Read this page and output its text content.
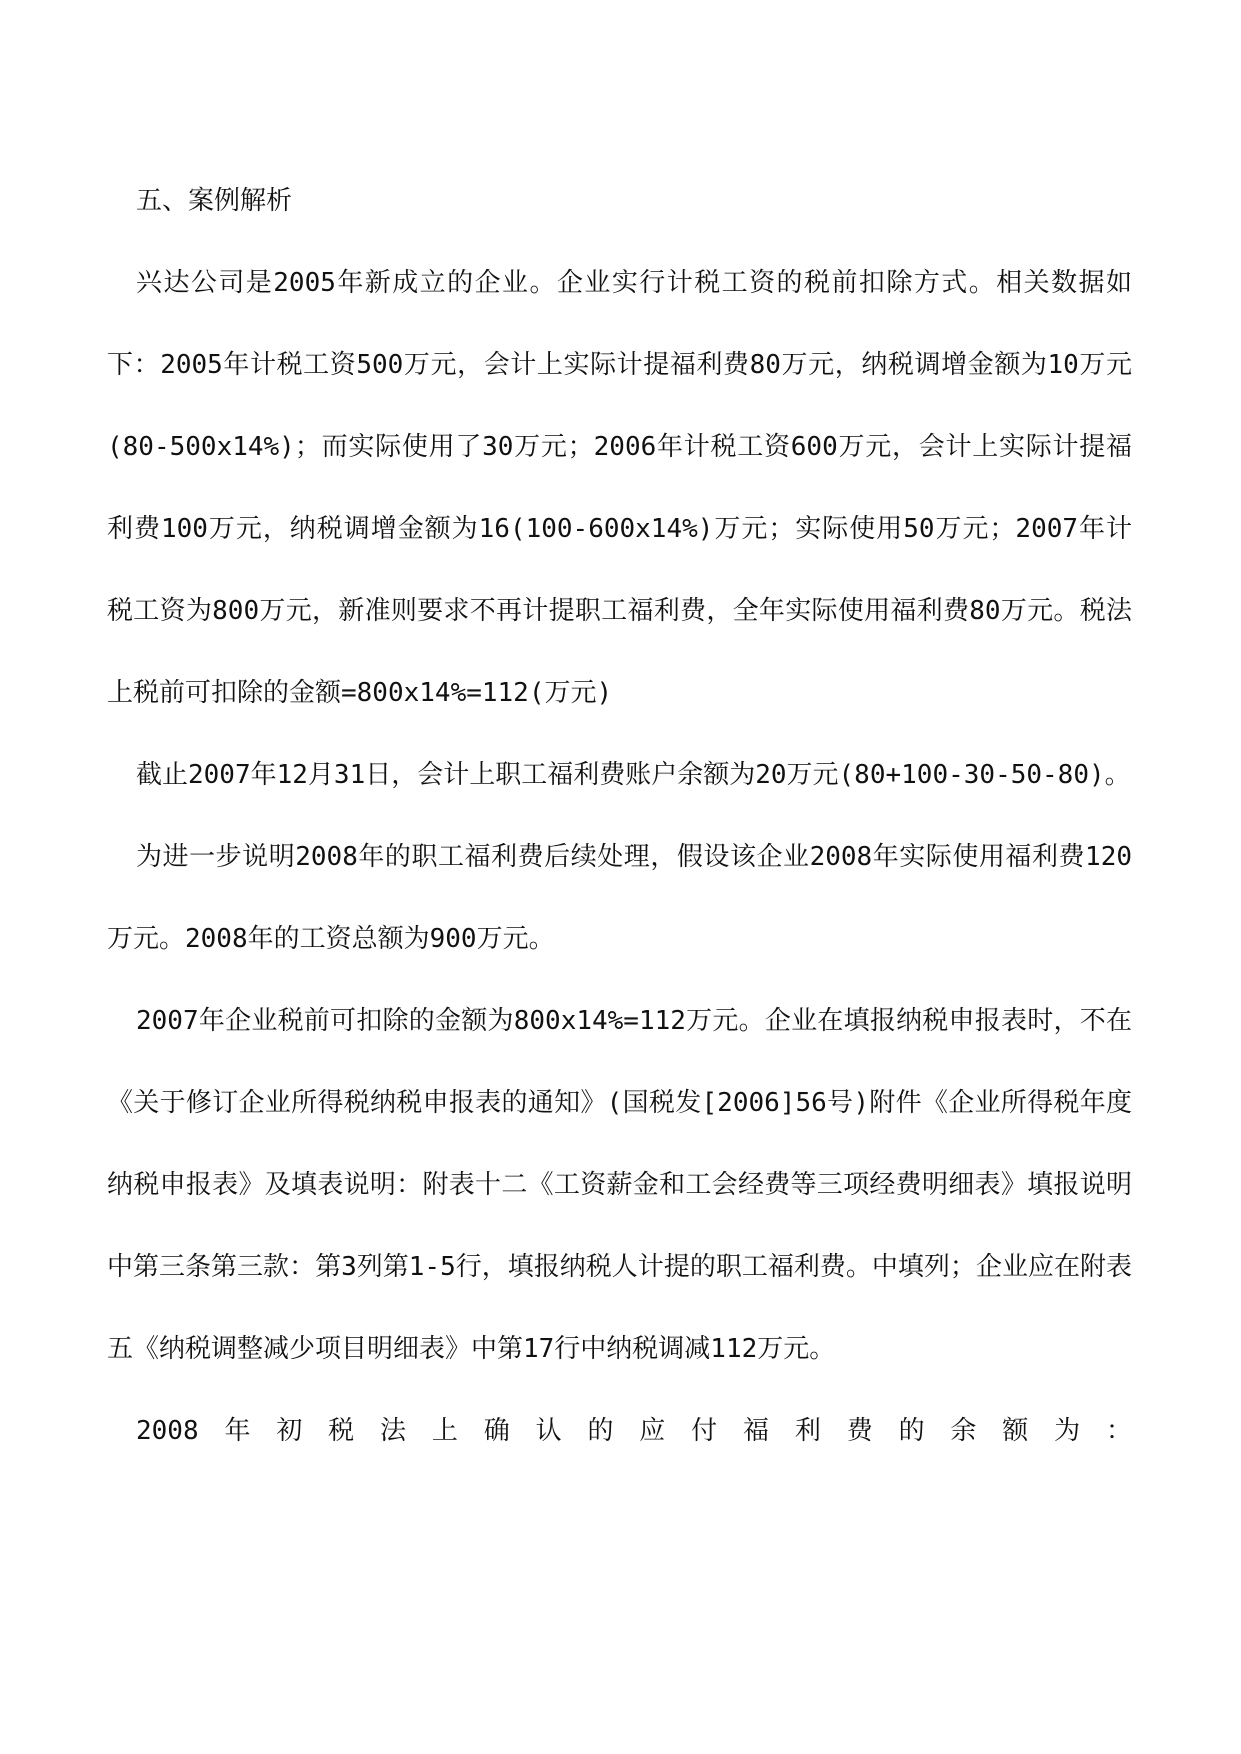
五、案例解析

兴达公司是2005年新成立的企业。企业实行计税工资的税前扣除方式。相关数据如下：2005年计税工资500万元，会计上实际计提福利费80万元，纳税调增金额为10万元(80-500x14%)；而实际使用了30万元；2006年计税工资600万元，会计上实际计提福利费100万元，纳税调增金额为16(100-600x14%)万元；实际使用50万元；2007年计税工资为800万元，新准则要求不再计提职工福利费，全年实际使用福利费80万元。税法上税前可扣除的金额=800x14%=112(万元)

截止2007年12月31日，会计上职工福利费账户余额为20万元(80+100-30-50-80)。

为进一步说明2008年的职工福利费后续处理，假设该企业2008年实际使用福利费120万元。2008年的工资总额为900万元。

2007年企业税前可扣除的金额为800x14%=112万元。企业在填报纳税申报表时，不在《关于修订企业所得税纳税申报表的通知》(国税发[2006]56号)附件《企业所得税年度纳税申报表》及填表说明：附表十二《工资薪金和工会经费等三项经费明细表》填报说明中第三条第三款：第3列第1-5行，填报纳税人计提的职工福利费。中填列；企业应在附表五《纳税调整减少项目明细表》中第17行中纳税调减112万元。

2008年初税法上确认的应付福利费的余额为：
